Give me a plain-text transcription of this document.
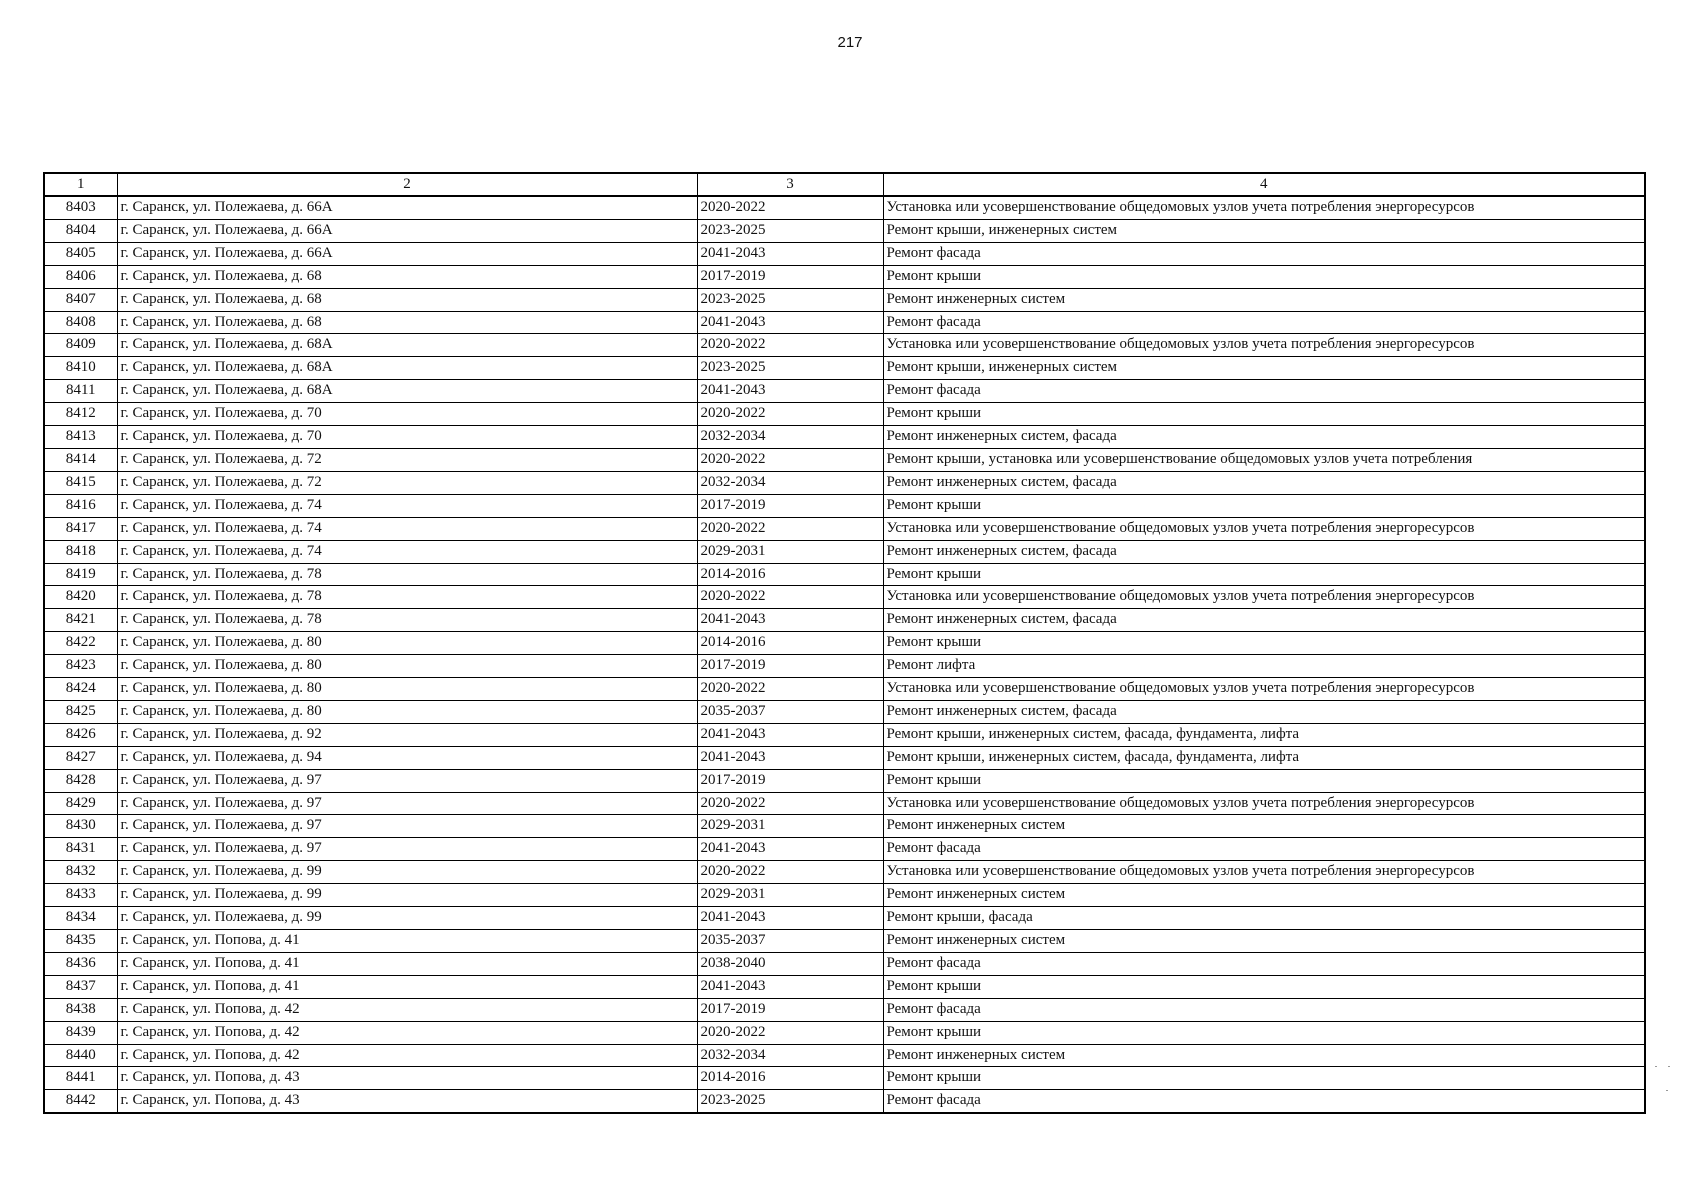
217
1	2	3	4
8403	г. Саранск, ул. Полежаева, д. 66А	2020-2022	Установка или усовершенствование общедомовых узлов учета потребления энергоресурсов
8404	г. Саранск, ул. Полежаева, д. 66А	2023-2025	Ремонт крыши, инженерных систем
8405	г. Саранск, ул. Полежаева, д. 66А	2041-2043	Ремонт фасада
8406	г. Саранск, ул. Полежаева, д. 68	2017-2019	Ремонт крыши
8407	г. Саранск, ул. Полежаева, д. 68	2023-2025	Ремонт инженерных систем
8408	г. Саранск, ул. Полежаева, д. 68	2041-2043	Ремонт фасада
8409	г. Саранск, ул. Полежаева, д. 68А	2020-2022	Установка или усовершенствование общедомовых узлов учета потребления энергоресурсов
8410	г. Саранск, ул. Полежаева, д. 68А	2023-2025	Ремонт крыши, инженерных систем
8411	г. Саранск, ул. Полежаева, д. 68А	2041-2043	Ремонт фасада
8412	г. Саранск, ул. Полежаева, д. 70	2020-2022	Ремонт крыши
8413	г. Саранск, ул. Полежаева, д. 70	2032-2034	Ремонт инженерных систем, фасада
8414	г. Саранск, ул. Полежаева, д. 72	2020-2022	Ремонт крыши, установка или усовершенствование общедомовых узлов учета потребления
8415	г. Саранск, ул. Полежаева, д. 72	2032-2034	Ремонт инженерных систем, фасада
8416	г. Саранск, ул. Полежаева, д. 74	2017-2019	Ремонт крыши
8417	г. Саранск, ул. Полежаева, д. 74	2020-2022	Установка или усовершенствование общедомовых узлов учета потребления энергоресурсов
8418	г. Саранск, ул. Полежаева, д. 74	2029-2031	Ремонт инженерных систем, фасада
8419	г. Саранск, ул. Полежаева, д. 78	2014-2016	Ремонт крыши
8420	г. Саранск, ул. Полежаева, д. 78	2020-2022	Установка или усовершенствование общедомовых узлов учета потребления энергоресурсов
8421	г. Саранск, ул. Полежаева, д. 78	2041-2043	Ремонт инженерных систем, фасада
8422	г. Саранск, ул. Полежаева, д. 80	2014-2016	Ремонт крыши
8423	г. Саранск, ул. Полежаева, д. 80	2017-2019	Ремонт лифта
8424	г. Саранск, ул. Полежаева, д. 80	2020-2022	Установка или усовершенствование общедомовых узлов учета потребления энергоресурсов
8425	г. Саранск, ул. Полежаева, д. 80	2035-2037	Ремонт инженерных систем, фасада
8426	г. Саранск, ул. Полежаева, д. 92	2041-2043	Ремонт крыши, инженерных систем, фасада, фундамента, лифта
8427	г. Саранск, ул. Полежаева, д. 94	2041-2043	Ремонт крыши, инженерных систем, фасада, фундамента, лифта
8428	г. Саранск, ул. Полежаева, д. 97	2017-2019	Ремонт крыши
8429	г. Саранск, ул. Полежаева, д. 97	2020-2022	Установка или усовершенствование общедомовых узлов учета потребления энергоресурсов
8430	г. Саранск, ул. Полежаева, д. 97	2029-2031	Ремонт инженерных систем
8431	г. Саранск, ул. Полежаева, д. 97	2041-2043	Ремонт фасада
8432	г. Саранск, ул. Полежаева, д. 99	2020-2022	Установка или усовершенствование общедомовых узлов учета потребления энергоресурсов
8433	г. Саранск, ул. Полежаева, д. 99	2029-2031	Ремонт инженерных систем
8434	г. Саранск, ул. Полежаева, д. 99	2041-2043	Ремонт крыши, фасада
8435	г. Саранск, ул. Попова, д. 41	2035-2037	Ремонт инженерных систем
8436	г. Саранск, ул. Попова, д. 41	2038-2040	Ремонт фасада
8437	г. Саранск, ул. Попова, д. 41	2041-2043	Ремонт крыши
8438	г. Саранск, ул. Попова, д. 42	2017-2019	Ремонт фасада
8439	г. Саранск, ул. Попова, д. 42	2020-2022	Ремонт крыши
8440	г. Саранск, ул. Попова, д. 42	2032-2034	Ремонт инженерных систем
8441	г. Саранск, ул. Попова, д. 43	2014-2016	Ремонт крыши
8442	г. Саранск, ул. Попова, д. 43	2023-2025	Ремонт фасада
